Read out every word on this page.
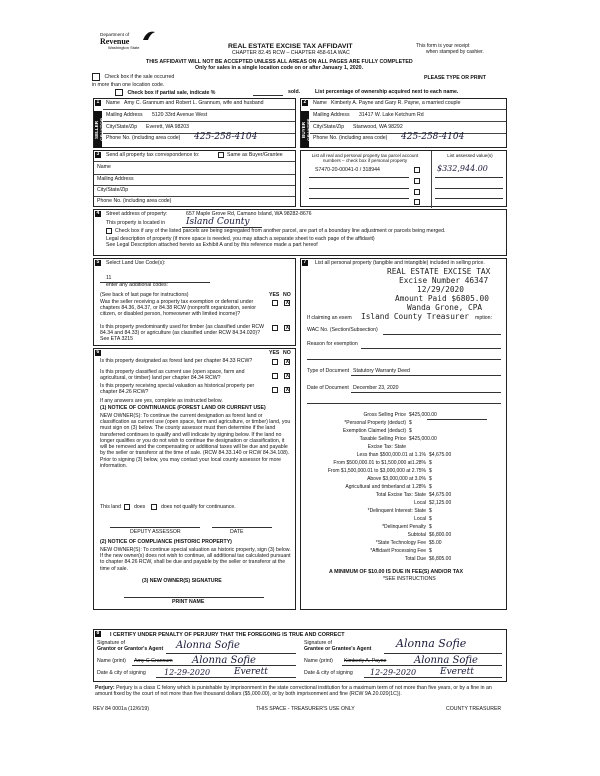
Department of
Revenue
Washington State	REAL ESTATE EXCISE TAX AFFIDAVIT
CHAPTER 82.45 RCW – CHAPTER 458-61A WAC
This form is your receipt
when stamped by cashier.
THIS AFFIDAVIT WILL NOT BE ACCEPTED UNLESS ALL AREAS ON ALL PAGES ARE FULLY COMPLETED
Only for sales in a single location code on or after January 1, 2020.
Check box if the sale occurred
in more than one location code.
PLEASE TYPE OR PRINT
Check box if partial sale, indicate %	sold.	List percentage of ownership acquired next to each name.
SELLER GRANTOR
1 Name Amy C. Grannum and Robert L. Grannum, wife and husband
Mailing Address 5120 33rd Avenue West
City/State/Zip Everett, WA 98203
Phone No. (including area code) 425-258-4104	BUYER GRANTEE
2 Name Kimberly A. Payne and Gary R. Payne, a married couple
Mailing Address 31417 W. Lake Ketchum Rd
City/State/Zip Stanwood, WA 98292
Phone No. (including area code) 425-258-4104
3 Send all property tax correspondence to:	Same as Buyer/Grantee
Name
Mailing Address
City/State/Zip
Phone No. (including area code)
List all real and personal property tax parcel account numbers – check box if personal property
List assessed value(s)
S7470-20-00041-0 / 318944	$332,944.00
4 Street address of property:	657 Maple Grove Rd, Camano Island, WA 98282-8676
This property is located in Island County
Check box if any of the listed parcels are being segregated from another parcel, are part of a boundary line adjustment or parcels being merged.
Legal description of property (if more space is needed, you may attach a separate sheet to each page of the affidavit)
See Legal Description attached hereto as Exhibit A and by this reference made a part hereof
5 Select Land Use Code(s):
11
enter any additional codes:
(See back of last page for instructions)	YES NO
Was the seller receiving a property tax exemption or deferral under chapters 84.36, 84.37, or 84.38 RCW (nonprofit organization, senior citizen, or disabled person, homeowner with limited income)?
X
Is this property predominantly used for timber (as classified under RCW 84.34 and 84.33) or agriculture (as classified under RCW 84.34.020)? See ETA 3215
X
6	YES NO
Is this property designated as forest land per chapter 84.33 RCW?
X
Is this property classified as current use (open space, farm and agricultural, or timber) land per chapter 84.34 RCW?
X
Is this property receiving special valuation as historical property per chapter 84.26 RCW?
X
If any answers are yes, complete as instructed below.
(1) NOTICE OF CONTINUANCE (FOREST LAND OR CURRENT USE)
NEW OWNER(S): To continue the current designation as forest land or classification as current use (open space, farm and agriculture, or timber) land, you must sign on (3) below. The county assessor must then determine if the land transferred continues to qualify and will indicate by signing below. If the land no longer qualifies or you do not wish to continue the designation or classification, it will be removed and the compensating or additional taxes will be due and payable by the seller or transferor at the time of sale. (RCW 84.33.140 or RCW 84.34.108). Prior to signing (3) below, you may contact your local county assessor for more information.
This land does	does not qualify for continuance.
DEPUTY ASSESSOR	DATE
(2) NOTICE OF COMPLIANCE (HISTORIC PROPERTY)
NEW OWNER(S): To continue special valuation as historic property, sign (3) below. If the new owner(s) does not wish to continue, all additional tax calculated pursuant to chapter 84.26 RCW, shall be due and payable by the seller or transferor at the time of sale.
(3) NEW OWNER(S) SIGNATURE
PRINT NAME
7 List all personal property (tangible and intangible) included in selling price.
REAL ESTATE EXCISE TAX
Excise Number 46347
12/29/2020
Amount Paid $6805.00
Wanda Grone, CPA
If claiming an exem Island County Treasurer mption:
WAC No. (Section/Subsection)
Reason for exemption
Type of Document Statutory Warranty Deed
Date of Document December 23, 2020
Gross Selling Price $425,000.00
*Personal Property (deduct) $
Exemption Claimed (deduct) $
Taxable Selling Price $425,000.00
Excise Tax: State
Less than $500,000.01 at 1.1% $4,675.00
From $500,000.01 to $1,500,000 at1.28% $
From $1,500,000.01 to $3,000,000 at 2.75% $
Above $3,000,000 at 3.0% $
Agricultural and timberland at 1.28% $
Total Excise Tax: State $4,675.00
Local $2,125.00
*Delinquent Interest: State $
Local $
*Delinquent Penalty $
Subtotal $6,800.00
*State Technology Fee $5.00
*Affidavit Processing Fee $
Total Due $6,805.00
A MINIMUM OF $10.00 IS DUE IN FEE(S) AND/OR TAX
*SEE INSTRUCTIONS
8 I CERTIFY UNDER PENALTY OF PERJURY THAT THE FOREGOING IS TRUE AND CORRECT
Signature of
Grantor or Grantor's Agent Alonna Sofie	Signature of
Grantee or Grantee's Agent Alonna Sofie
Name (print) Amy C Grannum Alonna Sofie	Name (print) Kimberly A. Payne	Alonna Sofie
Date & city of signing 12-29-2020	Everett	Date & city of signing 12-29-2020	Everett
Perjury: Perjury is a class C felony which is punishable by imprisonment in the state correctional institution for a maximum term of not more than five years, or by a fine in an amount fixed by the court of not more than five thousand dollars ($5,000.00), or by both imprisonment and fine (RCW 9A.20.020(1C)).
REV 84 0001a (12/6/19)	THIS SPACE - TREASURER'S USE ONLY	COUNTY TREASURER
